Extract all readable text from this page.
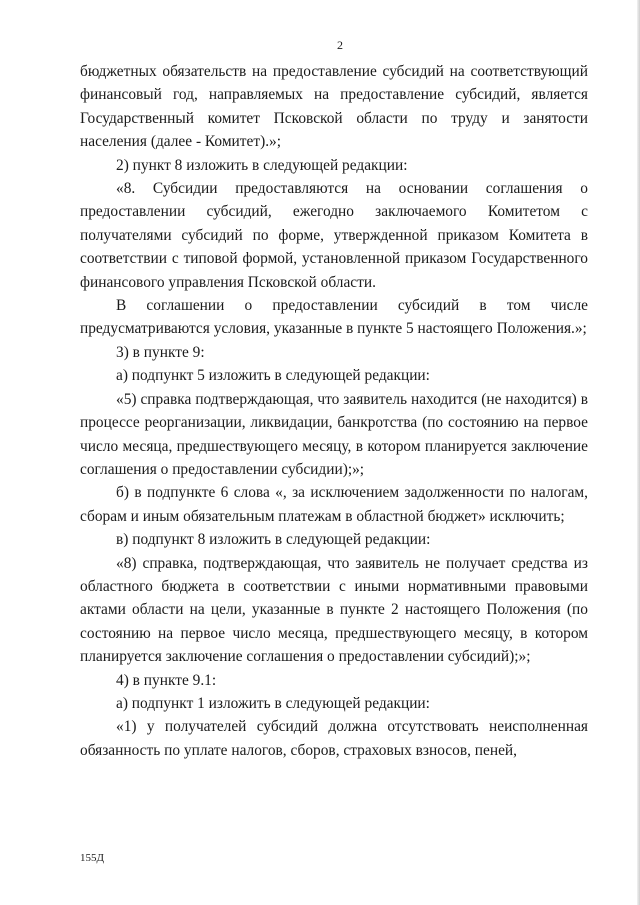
2

бюджетных обязательств на предоставление субсидий на соответствующий финансовый год, направляемых на предоставление субсидий, является Государственный комитет Псковской области по труду и занятости населения (далее - Комитет).»;

2) пункт 8 изложить в следующей редакции:

«8. Субсидии предоставляются на основании соглашения о предоставлении субсидий, ежегодно заключаемого Комитетом с получателями субсидий по форме, утвержденной приказом Комитета в соответствии с типовой формой, установленной приказом Государственного финансового управления Псковской области.

В соглашении о предоставлении субсидий в том числе предусматриваются условия, указанные в пункте 5 настоящего Положения.»;

3) в пункте 9:

а) подпункт 5 изложить в следующей редакции:

«5) справка подтверждающая, что заявитель находится (не находится) в процессе реорганизации, ликвидации, банкротства (по состоянию на первое число месяца, предшествующего месяцу, в котором планируется заключение соглашения о предоставлении субсидии);»;

б) в подпункте 6 слова «, за исключением задолженности по налогам, сборам и иным обязательным платежам в областной бюджет» исключить;

в) подпункт 8 изложить в следующей редакции:

«8) справка, подтверждающая, что заявитель не получает средства из областного бюджета в соответствии с иными нормативными правовыми актами области на цели, указанные в пункте 2 настоящего Положения (по состоянию на первое число месяца, предшествующего месяцу, в котором планируется заключение соглашения о предоставлении субсидий);»;

4) в пункте 9.1:

а) подпункт 1 изложить в следующей редакции:

«1) у получателей субсидий должна отсутствовать неисполненная обязанность по уплате налогов, сборов, страховых взносов, пеней,

155Д
